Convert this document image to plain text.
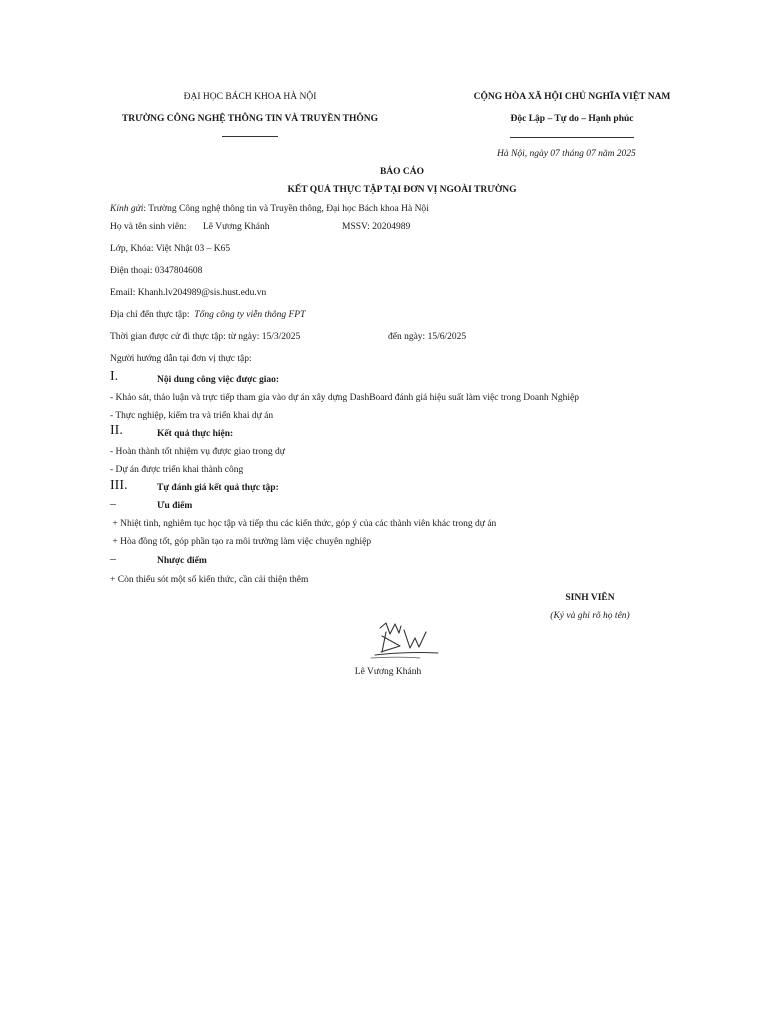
ĐẠI HỌC BÁCH KHOA HÀ NỘI
TRƯỜNG CÔNG NGHỆ THÔNG TIN VÀ TRUYỀN THÔNG
CỘNG HÒA XÃ HỘI CHỦ NGHĨA VIỆT NAM
Độc Lập – Tự do – Hạnh phúc
Hà Nội, ngày 07 tháng 07 năm 2025
BÁO CÁO
KẾT QUẢ THỰC TẬP TẠI ĐƠN VỊ NGOÀI TRƯỜNG
Kính gửi: Trường Công nghệ thông tin và Truyền thông, Đại học Bách khoa Hà Nội
Họ và tên sinh viên: Lê Vương Khánh	MSSV: 20204989
Lớp, Khóa: Việt Nhật 03 – K65
Điện thoại: 0347804608
Email: Khanh.lv204989@sis.hust.edu.vn
Địa chỉ đến thực tập: Tổng công ty viễn thông FPT
Thời gian được cử đi thực tập: từ ngày: 15/3/2025	đến ngày: 15/6/2025
Người hướng dẫn tại đơn vị thực tập:
I.	Nội dung công việc được giao:
- Khảo sát, thảo luận và trực tiếp tham gia vào dự án xây dựng DashBoard đánh giá hiệu suất làm việc trong Doanh Nghiệp
- Thực nghiệp, kiểm tra và triển khai dự án
II.	Kết quả thực hiện:
- Hoàn thành tốt nhiệm vụ được giao trong dự
- Dự án được triển khai thành công
III.	Tự đánh giá kết quả thực tập:
–	Ưu điểm
+ Nhiệt tình, nghiêm tục học tập và tiếp thu các kiến thức, góp ý của các thành viên khác trong dự án
+ Hòa đồng tốt, góp phần tạo ra môi trường làm việc chuyên nghiệp
–	Nhược điểm
+ Còn thiếu sót một số kiến thức, cần cải thiện thêm
SINH VIÊN
(Ký và ghi rõ họ tên)
Lê Vương Khánh
